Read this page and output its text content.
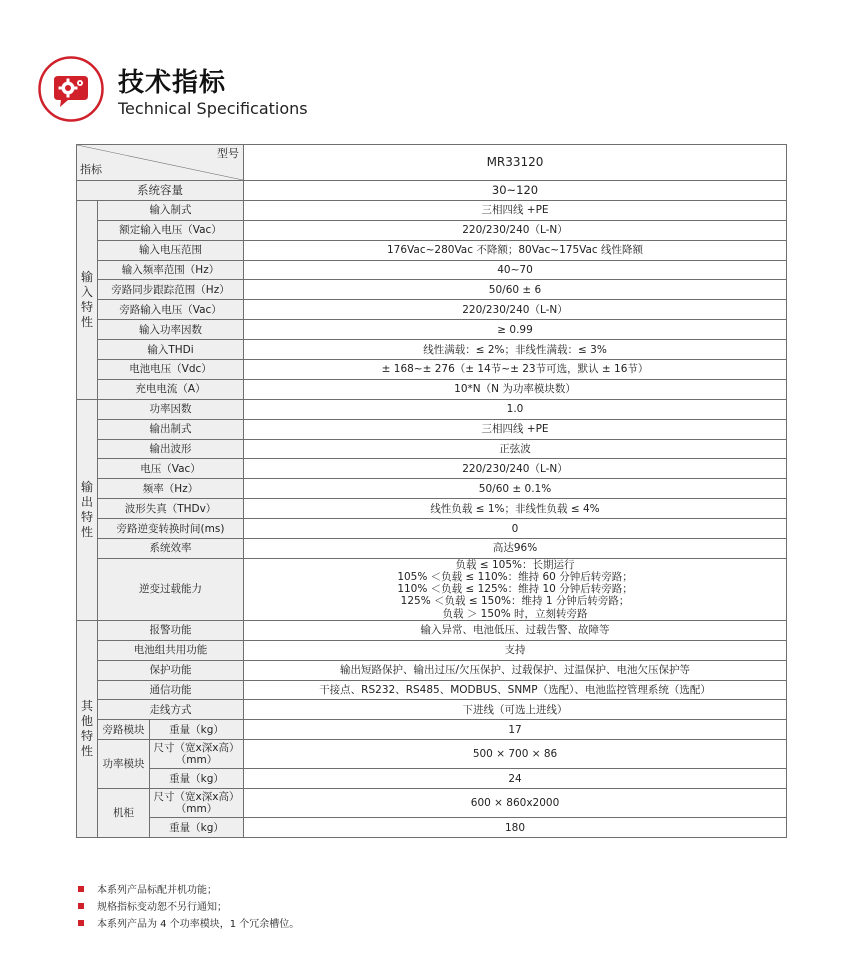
技术指标
Technical Specifications
型号
指标			MR33120
系统容量			30~120
输入特性	输入制式		三相四线 +PE
	额定输入电压（Vac）		220/230/240（L-N）
	输入电压范围		176Vac~280Vac 不降额；80Vac~175Vac 线性降额
	输入频率范围（Hz）		40~70
	旁路同步跟踪范围（Hz）		50/60 ± 6
	旁路输入电压（Vac）		220/230/240（L-N）
	输入功率因数		≥ 0.99
	输入THDi		线性满载：≤ 2%；非线性满载：≤ 3%
	电池电压（Vdc）		± 168~± 276（± 14节~± 23节可选，默认 ± 16节）
	充电电流（A）		10*N（N 为功率模块数）
输出特性	功率因数		1.0
	输出制式		三相四线 +PE
	输出波形		正弦波
	电压（Vac）		220/230/240（L-N）
	频率（Hz）		50/60 ± 0.1%
	波形失真（THDv）		线性负载 ≤ 1%；非线性负载 ≤ 4%
	旁路逆变转换时间(ms)		0
	系统效率		高达96%
	逆变过载能力		负载 ≤ 105%：长期运行
105% ＜负载 ≤ 110%：维持 60 分钟后转旁路；
110% ＜负载 ≤ 125%：维持 10 分钟后转旁路；
125% ＜负载 ≤ 150%：维持 1 分钟后转旁路；
负载 ＞ 150% 时，立刻转旁路

其他特性	报警功能		输入异常、电池低压、过载告警、故障等
	电池组共用功能		支持
	保护功能		输出短路保护、输出过压/欠压保护、过载保护、过温保护、电池欠压保护等
	通信功能		干接点、RS232、RS485、MODBUS、SNMP（选配）、电池监控管理系统（选配）
	走线方式		下进线（可选上进线）
	旁路模块	重量（kg）	17
	功率模块	尺寸（宽x深x高）
（mm）	500 × 700 × 86
		重量（kg）	24
	机柜	尺寸（宽x深x高）
（mm）	600 × 860x2000
		重量（kg）	180
本系列产品标配并机功能；
规格指标变动恕不另行通知；
本系列产品为 4 个功率模块，1 个冗余槽位。
